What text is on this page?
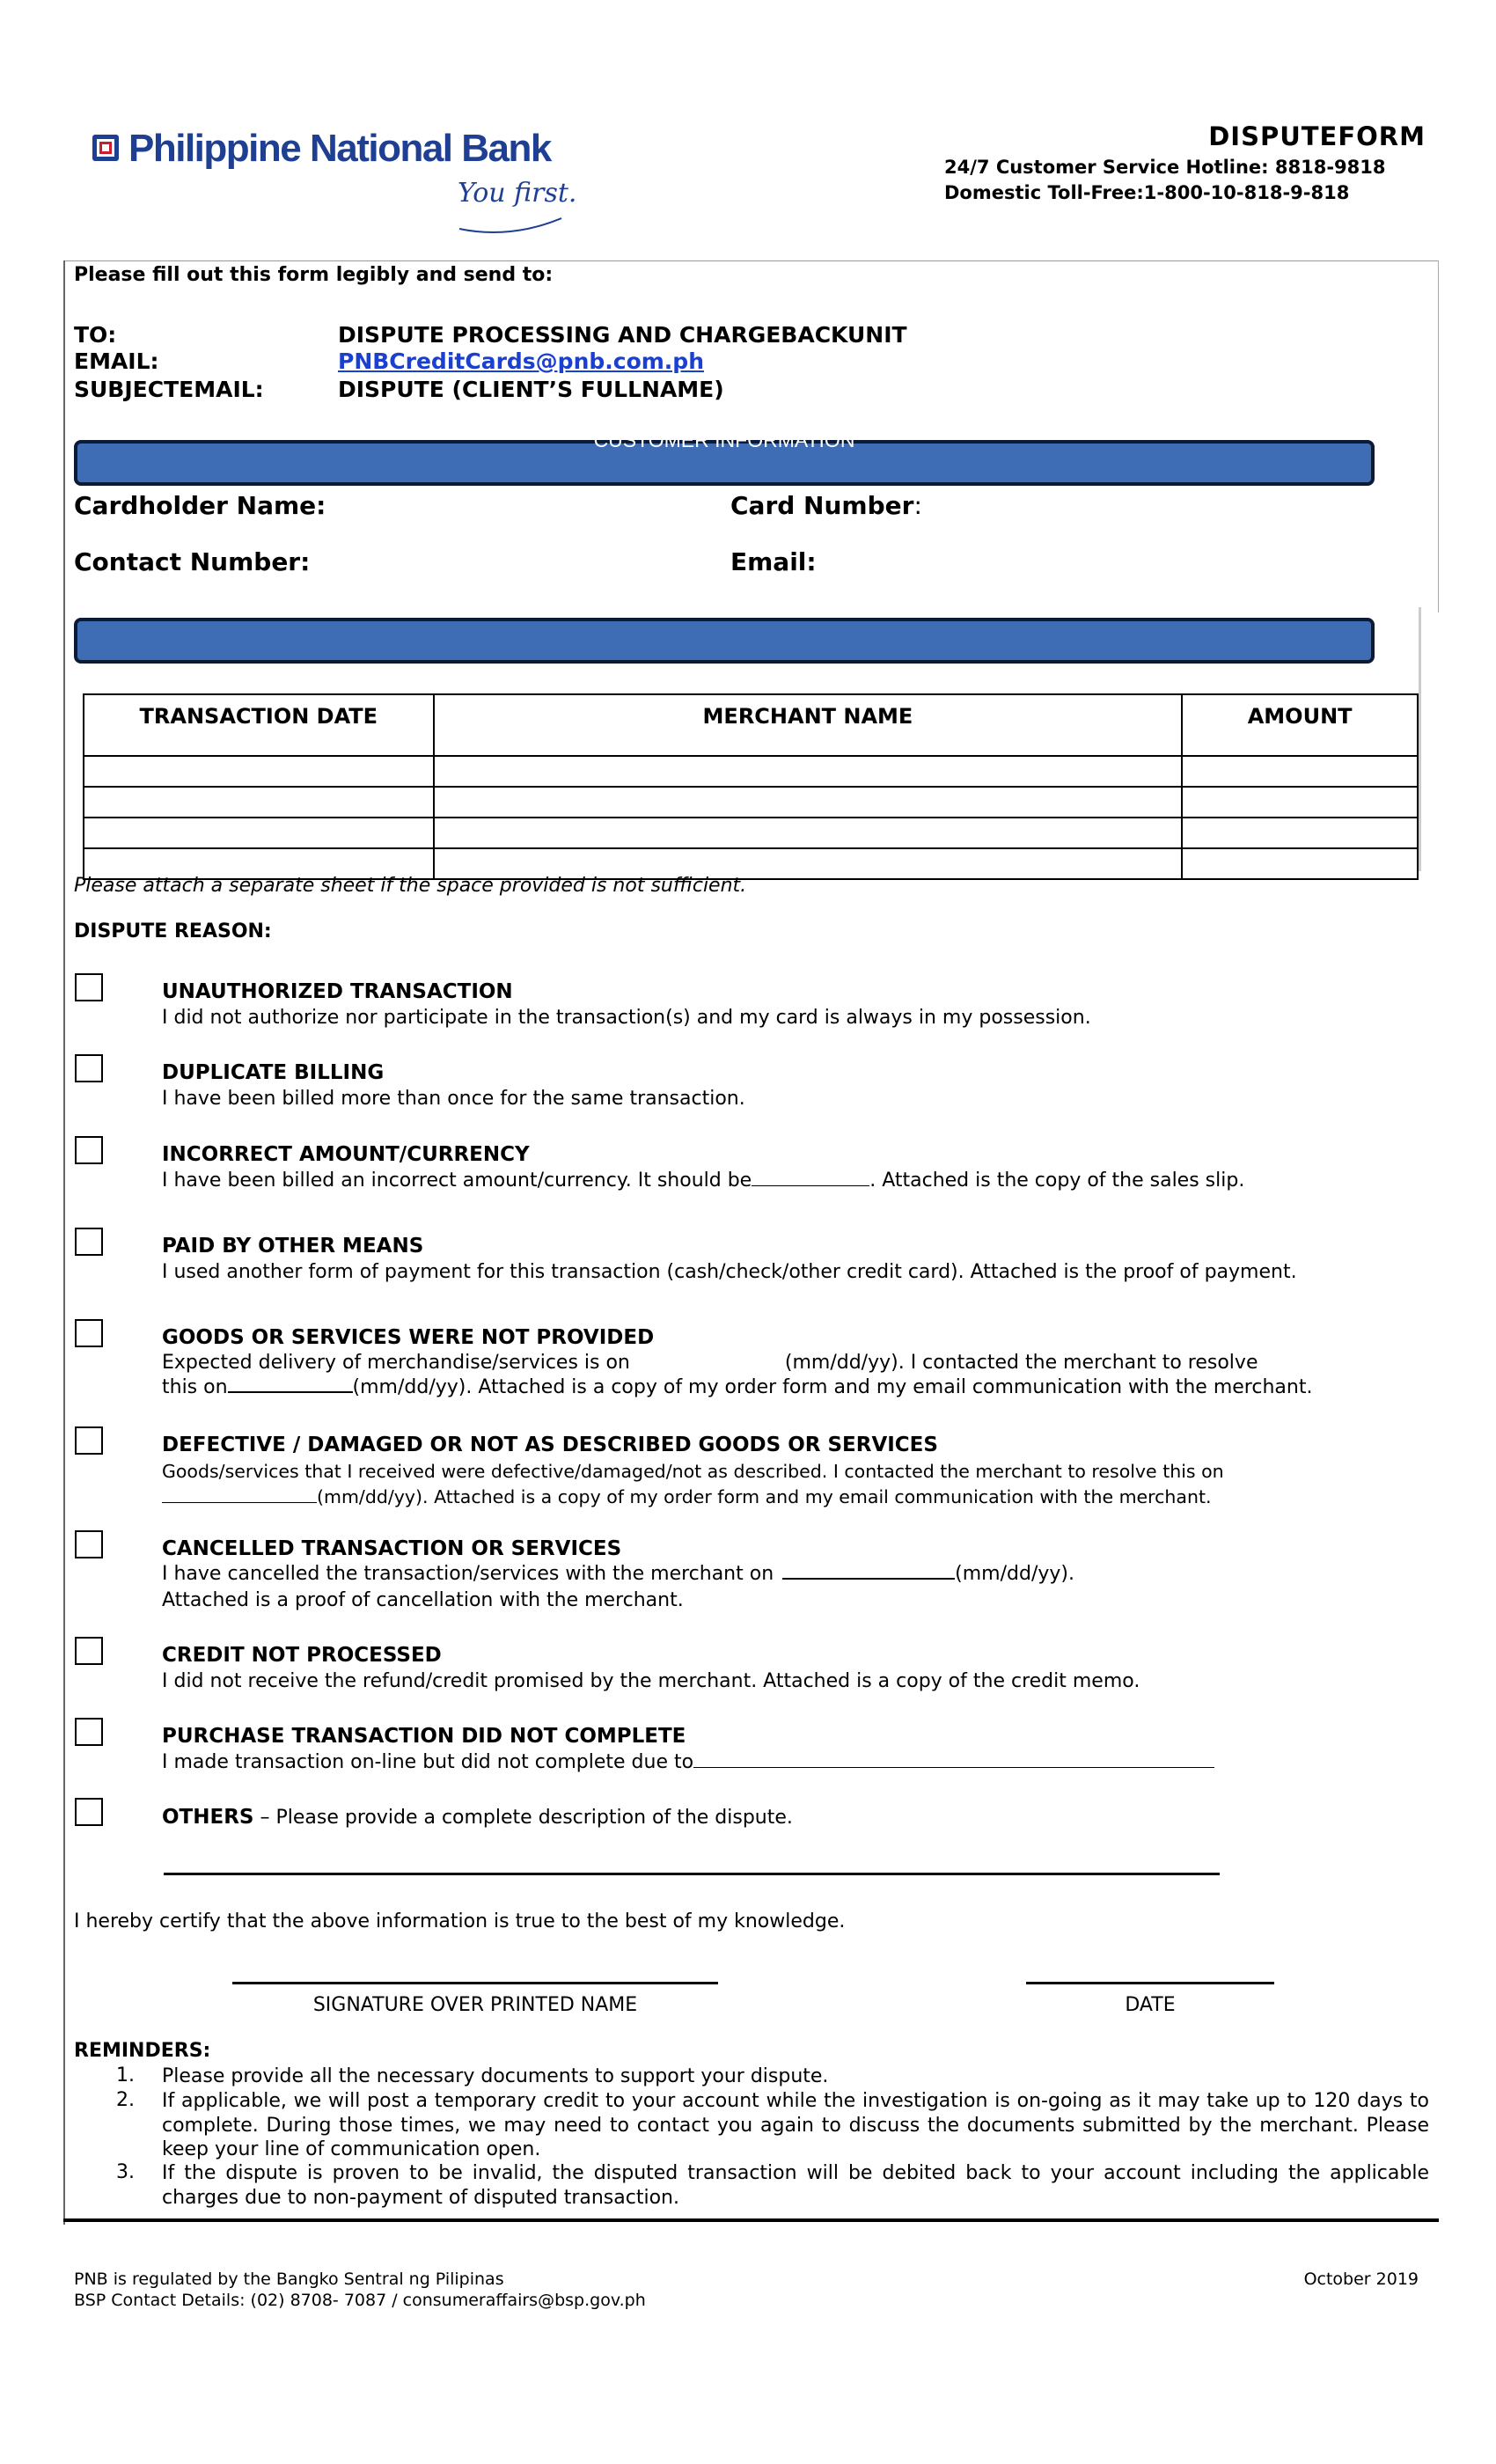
Philippine National Bank
You first.
DISPUTEFORM
24/7 Customer Service Hotline: 8818-9818
Domestic Toll-Free:1-800-10-818-9-818
Please fill out this form legibly and send to:
TO:	DISPUTE PROCESSING AND CHARGEBACKUNIT
EMAIL:	PNBCreditCards@pnb.com.ph
SUBJECTEMAIL:	DISPUTE (CLIENT’S FULLNAME)
CUSTOMER INFORMATION
Cardholder Name:	Card Number:
Contact Number:	Email:
TRANSACTION DATE	MERCHANT NAME	AMOUNT

Please attach a separate sheet if the space provided is not sufficient.
DISPUTE REASON:
UNAUTHORIZED TRANSACTION
I did not authorize nor participate in the transaction(s) and my card is always in my possession.
DUPLICATE BILLING
I have been billed more than once for the same transaction.
INCORRECT AMOUNT/CURRENCY
I have been billed an incorrect amount/currency. It should be	. Attached is the copy of the sales slip.
PAID BY OTHER MEANS
I used another form of payment for this transaction (cash/check/other credit card). Attached is the proof of payment.
GOODS OR SERVICES WERE NOT PROVIDED
Expected delivery of merchandise/services is on	(mm/dd/yy). I contacted the merchant to resolve
this on	(mm/dd/yy). Attached is a copy of my order form and my email communication with the merchant.
DEFECTIVE / DAMAGED OR NOT AS DESCRIBED GOODS OR SERVICES
Goods/services that I received were defective/damaged/not as described. I contacted the merchant to resolve this on
(mm/dd/yy). Attached is a copy of my order form and my email communication with the merchant.
CANCELLED TRANSACTION OR SERVICES
I have cancelled the transaction/services with the merchant on	(mm/dd/yy).
Attached is a proof of cancellation with the merchant.
CREDIT NOT PROCESSED
I did not receive the refund/credit promised by the merchant. Attached is a copy of the credit memo.
PURCHASE TRANSACTION DID NOT COMPLETE
I made transaction on-line but did not complete due to
OTHERS – Please provide a complete description of the dispute.
I hereby certify that the above information is true to the best of my knowledge.
SIGNATURE OVER PRINTED NAME	DATE
REMINDERS:
1. Please provide all the necessary documents to support your dispute.
2. If applicable, we will post a temporary credit to your account while the investigation is on-going as it may take up to 120 days to complete. During those times, we may need to contact you again to discuss the documents submitted by the merchant. Please keep your line of communication open.
3. If the dispute is proven to be invalid, the disputed transaction will be debited back to your account including the applicable charges due to non-payment of disputed transaction.
PNB is regulated by the Bangko Sentral ng Pilipinas
BSP Contact Details: (02) 8708- 7087 / consumeraffairs@bsp.gov.ph
October 2019
